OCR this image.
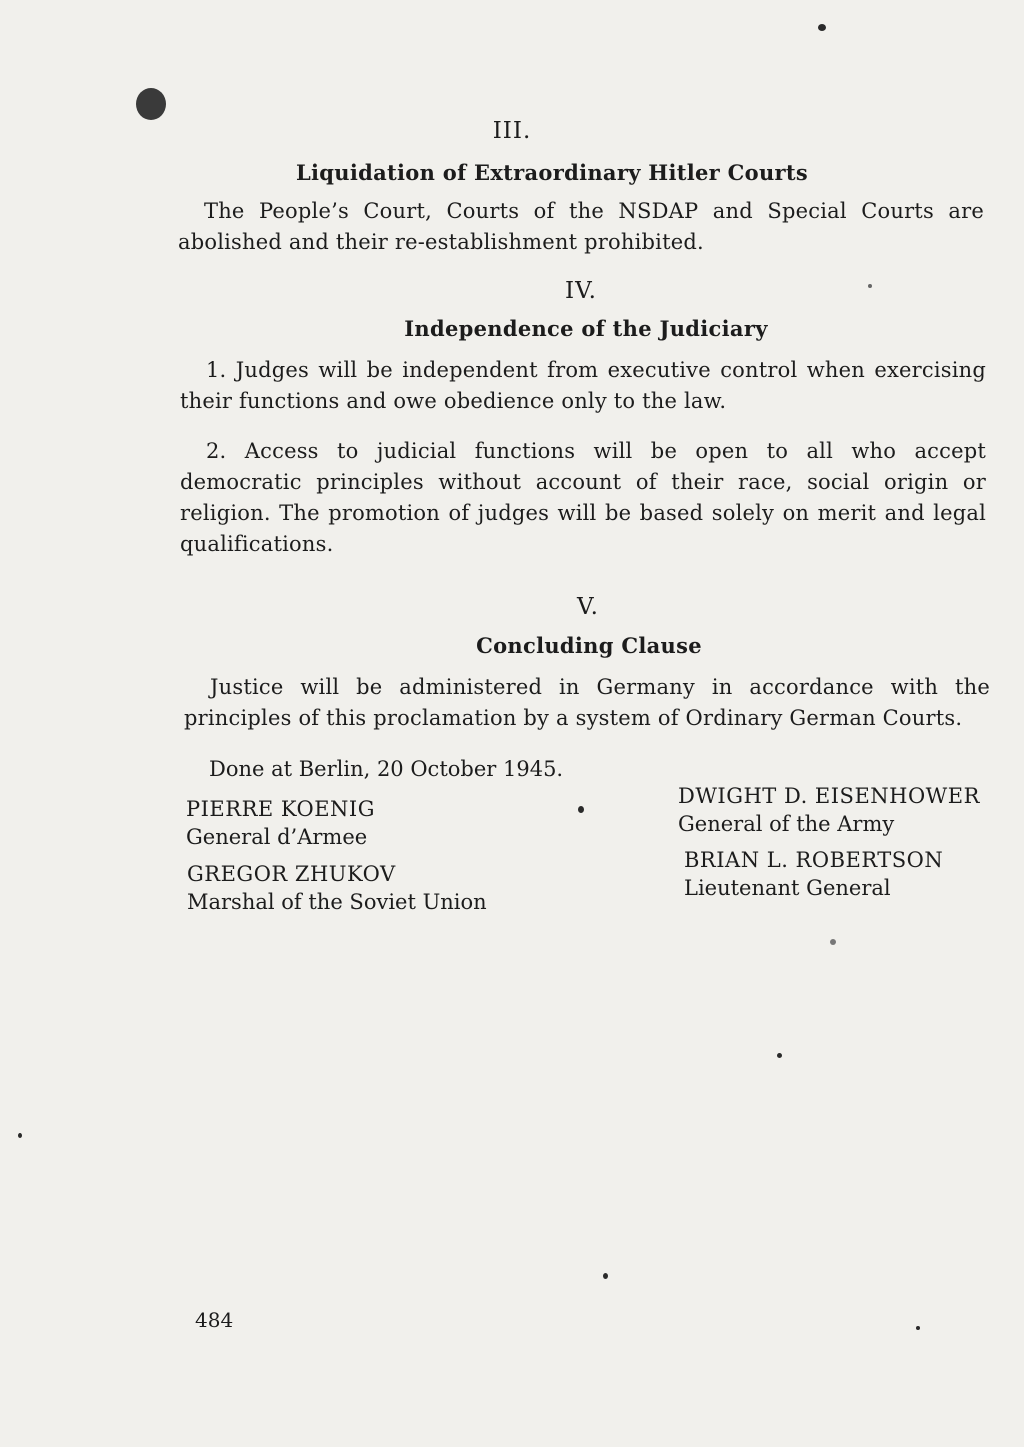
III.
Liquidation of Extraordinary Hitler Courts
The People’s Court, Courts of the NSDAP and Special Courts are abolished and their re-establishment prohibited.
IV.
Independence of the Judiciary
1. Judges will be independent from executive control when exercising their functions and owe obedience only to the law.
2. Access to judicial functions will be open to all who accept democratic principles without account of their race, social origin or religion. The promotion of judges will be based solely on merit and legal qualifications.
V.
Concluding Clause
Justice will be administered in Germany in accordance with the principles of this proclamation by a system of Ordinary German Courts.
Done at Berlin, 20 October 1945.
PIERRE KOENIG
General d’Armee
GREGOR ZHUKOV
Marshal of the Soviet Union
DWIGHT D. EISENHOWER
General of the Army
BRIAN L. ROBERTSON
Lieutenant General
484
